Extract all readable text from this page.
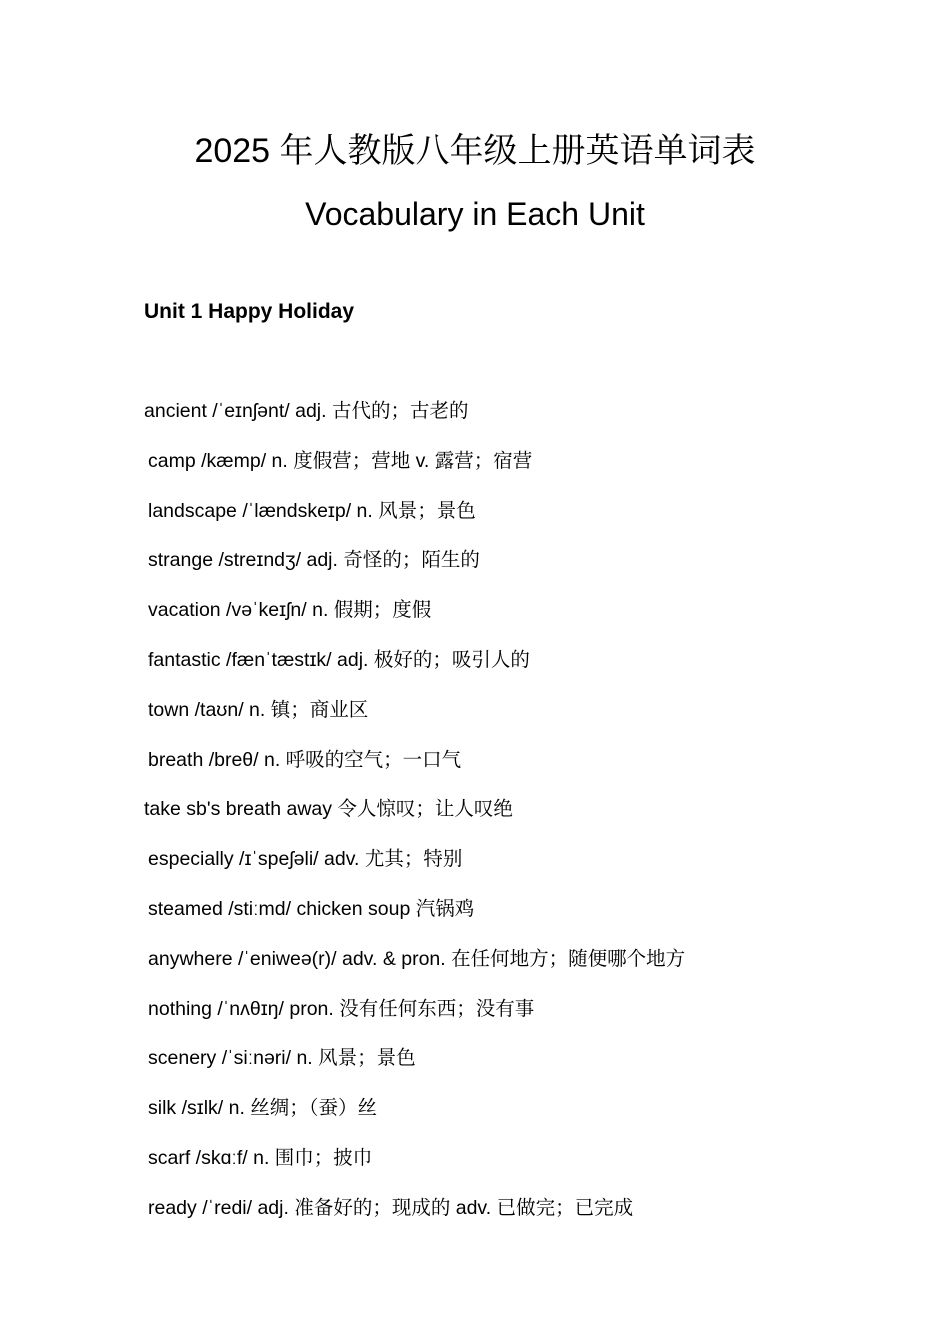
2025 年人教版八年级上册英语单词表
Vocabulary in Each Unit
Unit 1 Happy Holiday
ancient /ˈeɪnʃənt/ adj. 古代的；古老的
camp /kæmp/ n. 度假营；营地 v. 露营；宿营
landscape /ˈlændskeɪp/ n. 风景；景色
strange /streɪndʒ/ adj. 奇怪的；陌生的
vacation /vəˈkeɪʃn/ n. 假期；度假
fantastic /fænˈtæstɪk/ adj. 极好的；吸引人的
town /taʊn/ n. 镇；商业区
breath /breθ/ n. 呼吸的空气；一口气
take sb's breath away 令人惊叹；让人叹绝
especially /ɪˈspeʃəli/ adv. 尤其；特别
steamed /stiːmd/ chicken soup 汽锅鸡
anywhere /ˈeniweə(r)/ adv. & pron. 在任何地方；随便哪个地方
nothing /ˈnʌθɪŋ/ pron. 没有任何东西；没有事
scenery /ˈsiːnəri/ n. 风景；景色
silk /sɪlk/ n. 丝绸；（蚕）丝
scarf /skɑːf/ n. 围巾；披巾
ready /ˈredi/ adj. 准备好的；现成的 adv. 已做完；已完成
